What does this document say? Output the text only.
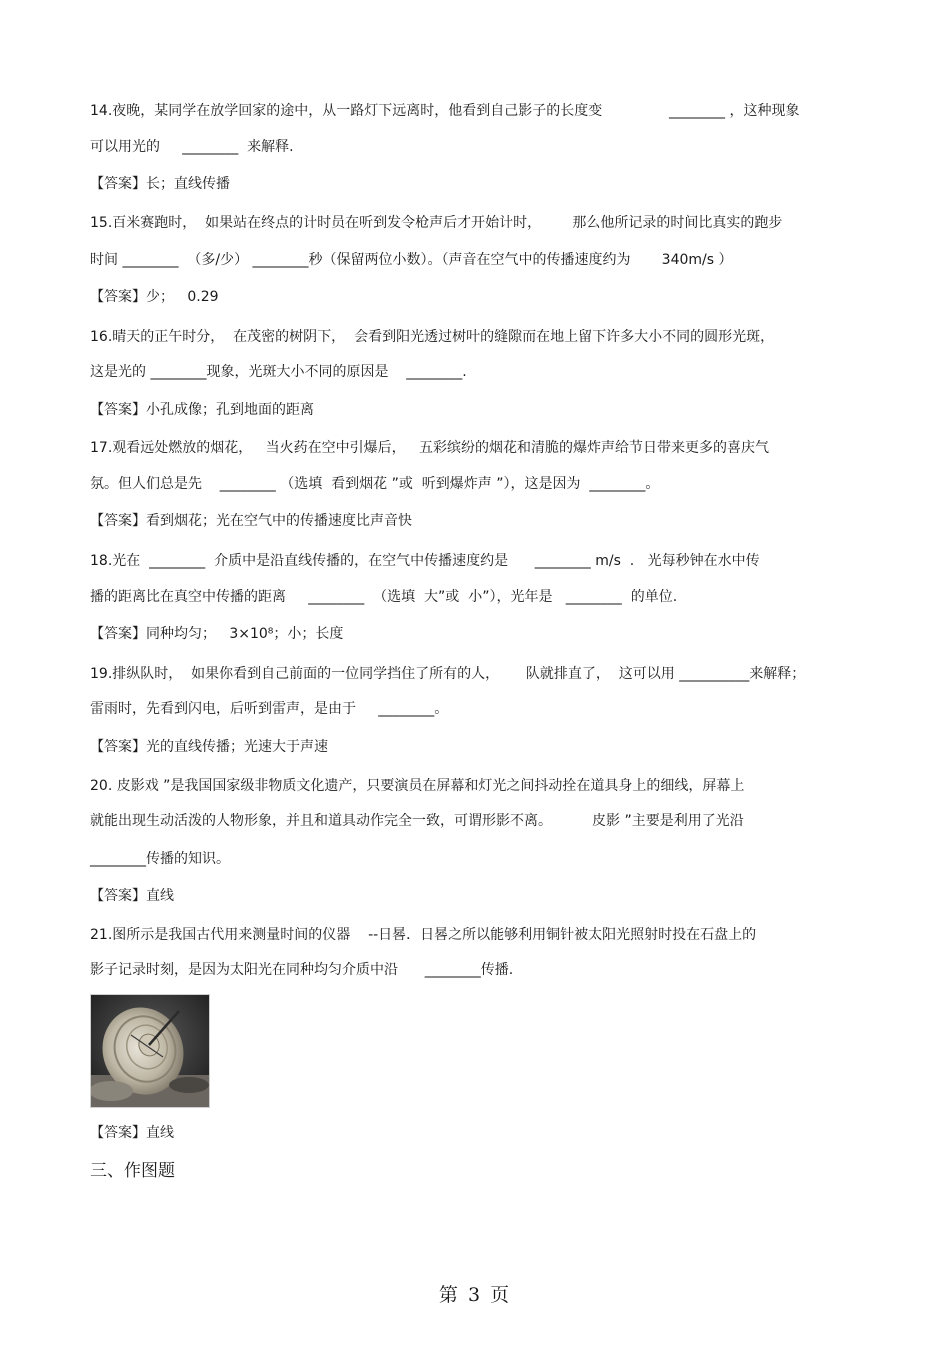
14.夜晚，某同学在放学回家的途中，从一路灯下远离时，他看到自己影子的长度变               ________ ，这种现象
可以用光的     ________  来解释.
【答案】长；直线传播
15.百米赛跑时，  如果站在终点的计时员在听到发令枪声后才开始计时，       那么他所记录的时间比真实的跑步
时间 ________  （多/少） ________秒（保留两位小数）。（声音在空气中的传播速度约为       340m/s ）
【答案】少；   0.29
16.晴天的正午时分，  在茂密的树阴下，  会看到阳光透过树叶的缝隙而在地上留下许多大小不同的圆形光斑，
这是光的 ________现象，光斑大小不同的原因是    ________.
【答案】小孔成像；孔到地面的距离
17.观看远处燃放的烟花，   当火药在空中引爆后，   五彩缤纷的烟花和清脆的爆炸声给节日带来更多的喜庆气
氛。但人们总是先    ________ （选填  看到烟花 ”或  听到爆炸声 ”），这是因为  ________。
【答案】看到烟花；光在空气中的传播速度比声音快
18.光在  ________  介质中是沿直线传播的，在空气中传播速度约是      ________ m/s  .   光每秒钟在水中传
播的距离比在真空中传播的距离     ________  （选填  大”或  小”），光年是   ________  的单位.
【答案】同种均匀；   3×10⁸；小；长度
19.排纵队时，  如果你看到自己前面的一位同学挡住了所有的人，      队就排直了，  这可以用 __________来解释；
雷雨时，先看到闪电，后听到雷声，是由于     ________。
【答案】光的直线传播；光速大于声速
20. 皮影戏 ”是我国国家级非物质文化遗产，只要演员在屏幕和灯光之间抖动拴在道具身上的细线，屏幕上
就能出现生动活泼的人物形象，并且和道具动作完全一致，可谓形影不离。         皮影 ”主要是利用了光沿
________传播的知识。
【答案】直线
21.图所示是我国古代用来测量时间的仪器    --日晷．日晷之所以能够利用铜针被太阳光照射时投在石盘上的
影子记录时刻，是因为太阳光在同种均匀介质中沿      ________传播.
【答案】直线
三、作图题
第 3 页
